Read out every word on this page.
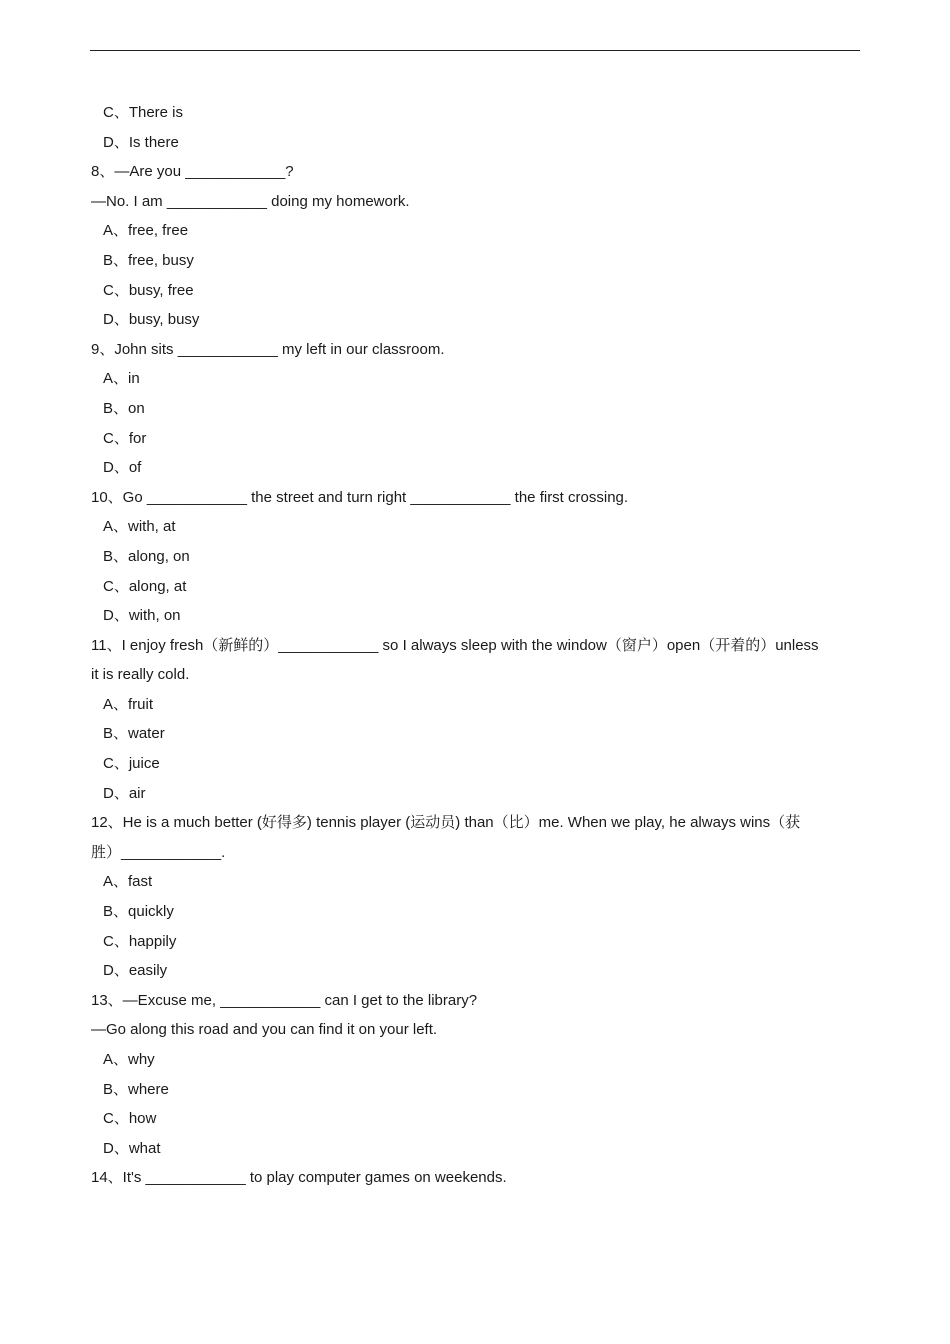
C、There is
D、Is there
8、—Are you ____________?
—No. I am ____________ doing my homework.
A、free, free
B、free, busy
C、busy, free
D、busy, busy
9、John sits ____________ my left in our classroom.
A、in
B、on
C、for
D、of
10、Go ____________ the street and turn right ____________ the first crossing.
A、with, at
B、along, on
C、along, at
D、with, on
11、I enjoy fresh（新鲜的）____________ so I always sleep with the window（窗户）open（开着的）unless
it is really cold.
A、fruit
B、water
C、juice
D、air
12、He is a much better (好得多) tennis player (运动员) than（比）me. When we play, he always wins（获
胜）____________.
A、fast
B、quickly
C、happily
D、easily
13、—Excuse me, ____________ can I get to the library?
—Go along this road and you can find it on your left.
A、why
B、where
C、how
D、what
14、It's ____________ to play computer games on weekends.
